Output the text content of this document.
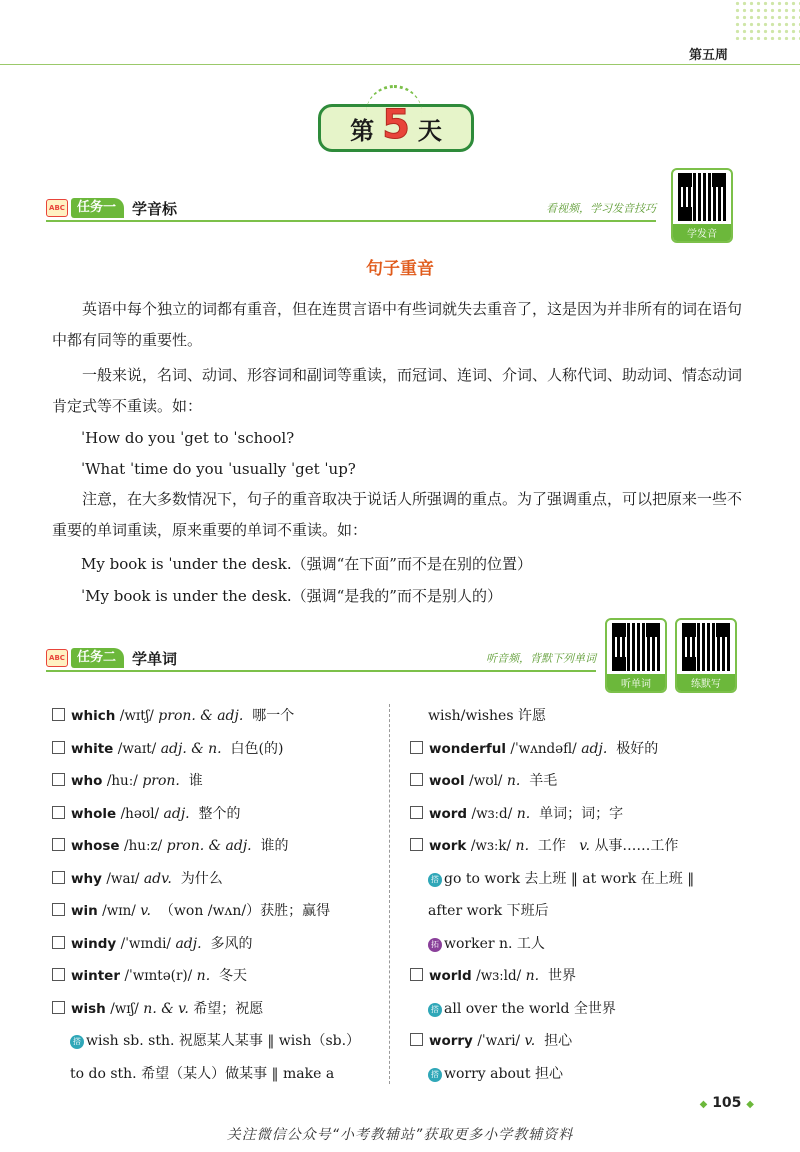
第五周
第 5 天
ABC 任务一	学音标	看视频，学习发音技巧
学发音
句子重音

英语中每个独立的词都有重音，但在连贯言语中有些词就失去重音了，这是因为并非所有的词在语句中都有同等的重要性。

一般来说，名词、动词、形容词和副词等重读，而冠词、连词、介词、人称代词、助动词、情态动词肯定式等不重读。如：

ˈHow do you ˈget to ˈschool?
ˈWhat ˈtime do you ˈusually ˈget ˈup?

注意，在大多数情况下，句子的重音取决于说话人所强调的重点。为了强调重点，可以把原来一些不重要的单词重读，原来重要的单词不重读。如：

My book is ˈunder the desk.（强调“在下面”而不是在别的位置）
ˈMy book is under the desk.（强调“是我的”而不是别人的）
ABC 任务二	学单词	听音频，背默下列单词
听单词	练默写
which /wɪtʃ/ pron. & adj. 哪一个
white /waɪt/ adj. & n. 白色(的)
who /huː/ pron. 谁
whole /həʊl/ adj. 整个的
whose /huːz/ pron. & adj. 谁的
why /waɪ/ adv. 为什么
win /wɪn/ v. （won /wʌn/）获胜；赢得
windy /ˈwɪndi/ adj. 多风的
winter /ˈwɪntə(r)/ n. 冬天
wish /wɪʃ/ n. & v. 希望；祝愿
搭 wish sb. sth. 祝愿某人某事 ‖ wish（sb.）
to do sth. 希望（某人）做某事 ‖ make a
wish/wishes 许愿
wonderful /ˈwʌndəfl/ adj. 极好的
wool /wʊl/ n. 羊毛
word /wɜːd/ n. 单词；词；字
work /wɜːk/ n. 工作 v. 从事……工作
搭 go to work 去上班 ‖ at work 在上班 ‖
after work 下班后
拓 worker n. 工人
world /wɜːld/ n. 世界
搭 all over the world 全世界
worry /ˈwʌri/ v. 担心
搭 worry about 担心
◆ 105 ◆
关注微信公众号“小考教辅站”获取更多小学教辅资料
